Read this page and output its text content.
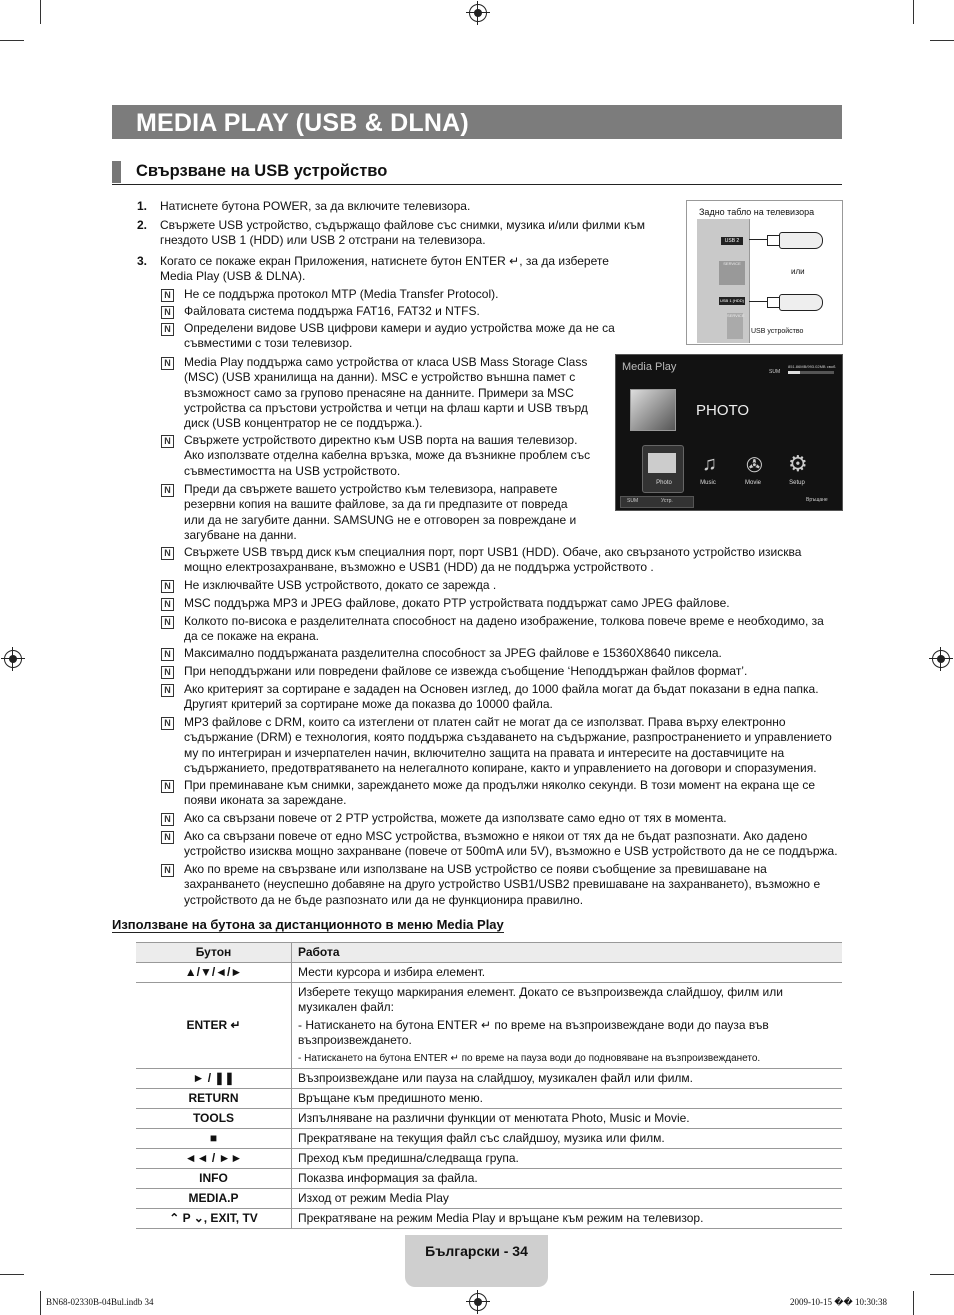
MEDIA PLAY (USB & DLNA)
Свързване на USB устройство
1. Натиснете бутона POWER, за да включите телевизора.
2. Свържете USB устройство, съдържащо файлове със снимки, музика и/или филми към
гнездото USB 1 (HDD) или USB 2 отстрани на телевизора.
3. Когато се покаже екран Приложения, натиснете бутон ENTER ↵, за да изберете
Media Play (USB & DLNA).
N Не се поддържа протокол MTP (Media Transfer Protocol).
N Файловата система поддържа FAT16, FAT32 и NTFS.
N Определени видове USB цифрови камери и аудио устройства може да не са
съвместими с този телевизор.
N Media Play поддържа само устройства от класа USB Mass Storage Class
(MSC) (USB хранилища на данни). MSC е устройство външна памет с
възможност само за групово пренасяне на данните. Примери за MSC
устройства са пръстови устройства и четци на флаш карти и USB твърд
диск (USB концентратор не се поддържа.).
N Свържете устройството директно към USB порта на вашия телевизор.
Ако използвате отделна кабелна връзка, може да възникне проблем със
съвместимостта на USB устройството.
N Преди да свържете вашето устройство към телевизора, направете
резервни копия на вашите файлове, за да ги предпазите от повреда
или да не загубите данни. SAMSUNG не е отговорен за повреждане и
загубване на данни.
N Свържете USB твърд диск към специалния порт, порт USB1 (HDD). Обаче, ако свързаното устройство изисква
мощно електрозахранване, възможно е USB1 (HDD) да не поддържа устройството .
N Не изключвайте USB устройството, докато се зарежда .
N MSC поддържа MP3 и JPEG файлове, докато PTP устройствата поддържат само JPEG файлове.
N Колкото по-висока е разделителната способност на дадено изображение, толкова повече време е необходимо, за
да се покаже на екрана.
N Максимално поддържаната разделителна способност за JPEG файлове е 15360X8640 пиксела.
N При неподдържани или повредени файлове се извежда съобщение ‘Неподдържан файлов формат’.
N Ако критерият за сортиране е зададен на Основен изглед, до 1000 файла могат да бъдат показани в една папка.
Другият критерий за сортиране може да показва до 10000 файла.
N MP3 файлове с DRM, които са изтеглени от платен сайт не могат да се използват. Права върху електронно
съдържание (DRM) е технология, която поддържа създаването на съдържание, разпространението и управлението
му по интегриран и изчерпателен начин, включително защита на правата и интересите на доставчиците на
съдържанието, предотвратяването на нелегалното копиране, както и управлението на договори и споразумения.
N При преминаване към снимки, зареждането може да продължи няколко секунди. В този момент на екрана ще се
появи иконата за зареждане.
N Ако са свързани повече от 2 PTP устройства, можете да използвате само едно от тях в момента.
N Ако са свързани повече от едно MSC устройства, възможно е някои от тях да не бъдат разпознати. Ако дадено
устройство изисква мощно захранване (повече от 500mA или 5V), възможно е USB устройството да не се поддържа.
N Ако по време на свързване или използване на USB устройство се появи съобщение за превишаване на
захранването (неуспешно добавяне на друго устройство USB1/USB2 превишаване на захранването), възможно е
устройството да не бъде разпознато или да не функционира правилно.
Задно табло на телевизора
USB 2
SERVICE
USB 1 (HDD)
SERVICE
или
USB устройство
Media Play	SUM
851.86MB/993.02MB своб.
PHOTO
♫ ✇ ⚙
Photo	Music	Movie	Setup
SUM	Устр.	Връщане
Използване на бутона за дистанционното в меню Media Play
Бутон	Работа
▲/▼/◄/►	Мести курсора и избира елемент.
ENTER ↵	Изберете текущо маркирания елемент. Докато се възпроизвежда слайдшоу, филм или
музикален файл:
- Натискането на бутона ENTER ↵ по време на възпроизвеждане води до пауза във
възпроизвеждането.
- Натискането на бутона ENTER ↵ по време на пауза води до подновяване на възпроизвеждането.

► / ❚❚	Възпроизвеждане или пауза на слайдшоу, музикален файл или филм.
RETURN	Връщане към предишното меню.
TOOLS	Изпълняване на различни функции от менютата Photo, Music и Movie.
■	Прекратяване на текущия файл със слайдшоу, музика или филм.
◄◄ / ►►	Преход към предишна/следваща група.
INFO	Показва информация за файла.
MEDIA.P	Изход от режим Media Play
⌃ P ⌄, EXIT, TV	Прекратяване на режим Media Play и връщане към режим на телевизор.
Български - 34
BN68-02330B-04Bul.indb 34	2009-10-15 �� 10:30:38
